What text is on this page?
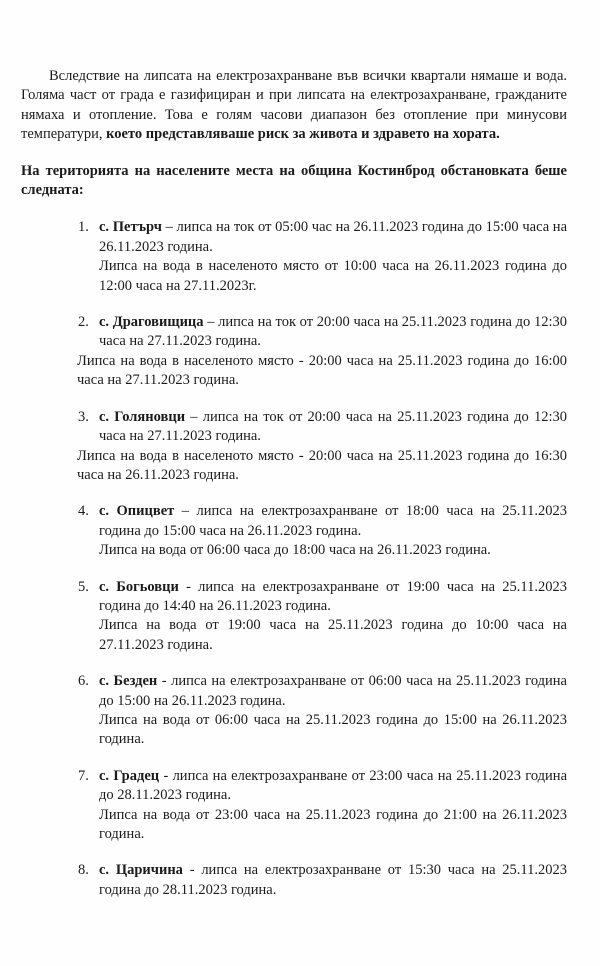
Вследствие на липсата на електрозахранване във всички квартали нямаше и вода. Голяма част от града е газифициран и при липсата на електрозахранване, гражданите нямаха и отопление. Това е голям часови диапазон без отопление при минусови температури, което представляваше риск за живота и здравето на хората.

На територията на населените места на община Костинброд обстановката беше следната:

1. с. Петърч – липса на ток от 05:00 час на 26.11.2023 година до 15:00 часа на 26.11.2023 година.

Липса на вода в населеното място от 10:00 часа на 26.11.2023 година до 12:00 часа на 27.11.2023г.

2. с. Драговищица – липса на ток от 20:00 часа на 25.11.2023 година до 12:30 часа на 27.11.2023 година.

Липса на вода в населеното място - 20:00 часа на 25.11.2023 година до 16:00 часа на 27.11.2023 година.

3. с. Голяновци – липса на ток от 20:00 часа на 25.11.2023 година до 12:30 часа на 27.11.2023 година.

Липса на вода в населеното място - 20:00 часа на 25.11.2023 година до 16:30 часа на 26.11.2023 година.

4. с. Опицвет – липса на електрозахранване от 18:00 часа на 25.11.2023 година до 15:00 часа на 26.11.2023 година.

Липса на вода от 06:00 часа до 18:00 часа на 26.11.2023 година.

5. с. Богьовци - липса на електрозахранване от 19:00 часа на 25.11.2023 година до 14:40 на 26.11.2023 година.

Липса на вода от 19:00 часа на 25.11.2023 година до 10:00 часа на 27.11.2023 година.

6. с. Безден - липса на електрозахранване от 06:00 часа на 25.11.2023 година до 15:00 на 26.11.2023 година.

Липса на вода от 06:00 часа на 25.11.2023 година до 15:00 на 26.11.2023 година.

7. с. Градец - липса на електрозахранване от 23:00 часа на 25.11.2023 година до 28.11.2023 година.

Липса на вода от 23:00 часа на 25.11.2023 година до 21:00 на 26.11.2023 година.

8. с. Царичина - липса на електрозахранване от 15:30 часа на 25.11.2023 година до 28.11.2023 година.
